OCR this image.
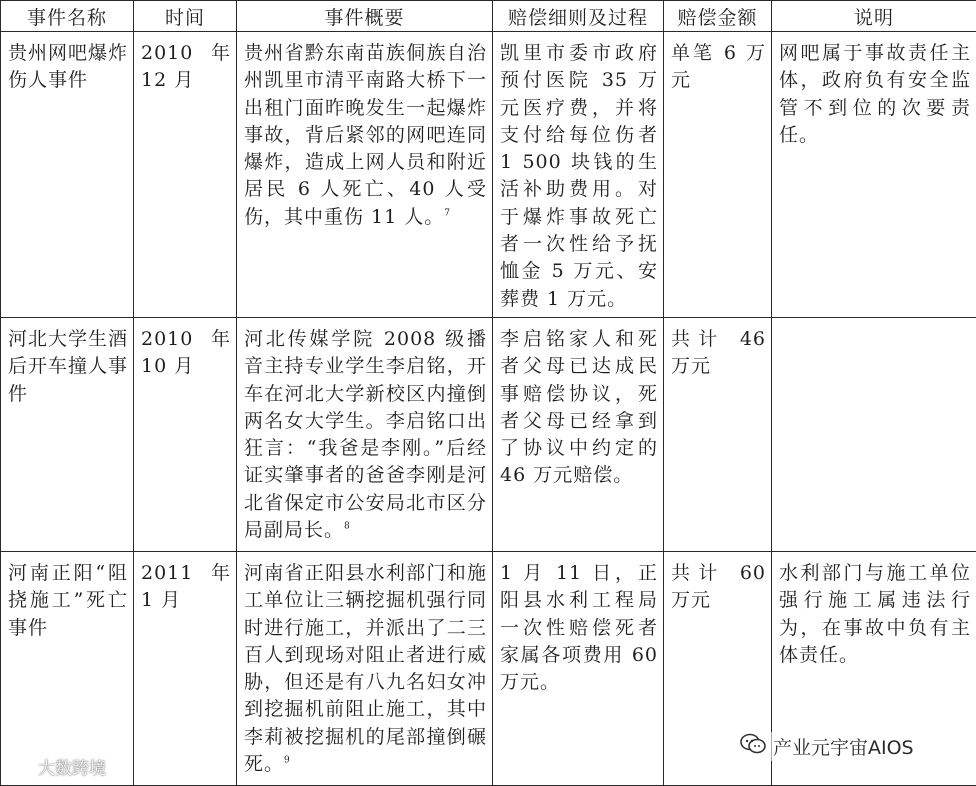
事件名称	时间	事件概要	赔偿细则及过程	赔偿金额	说明

贵州网吧爆炸伤人事件	2010 年 12 月	贵州省黔东南苗族侗族自治州凯里市清平南路大桥下一出租门面昨晚发生一起爆炸事故，背后紧邻的网吧连同爆炸，造成上网人员和附近居民 6 人死亡、40 人受伤，其中重伤 11 人。$^7$	凯里市委市政府预付医院 35 万元医疗费，并将支付给每位伤者 1 500 块钱的生活补助费用。对于爆炸事故死亡者一次性给予抚恤金 5 万元、安葬费 1 万元。	单笔 6 万元	网吧属于事故责任主体，政府负有安全监管不到位的次要责任。

河北大学生酒后开车撞人事件	2010 年 10 月	河北传媒学院 2008 级播音主持专业学生李启铭，开车在河北大学新校区内撞倒两名女大学生。李启铭口出狂言：“我爸是李刚。”后经证实肇事者的爸爸李刚是河北省保定市公安局北市区分局副局长。$^8$	李启铭家人和死者父母已达成民事赔偿协议，死者父母已经拿到了协议中约定的 46 万元赔偿。	共计 46 万元	

河南正阳“阻挠施工”死亡事件	2011 年 1 月	河南省正阳县水利部门和施工单位让三辆挖掘机强行同时进行施工，并派出了二三百人到现场对阻止者进行威胁，但还是有八九名妇女冲到挖掘机前阻止施工，其中李莉被挖掘机的尾部撞倒碾死。$^9$	1 月 11 日，正阳县水利工程局一次性赔偿死者家属各项费用 60 万元。	共计 60 万元	水利部门与施工单位强行施工属违法行为，在事故中负有主体责任。
大数跨境
产业元宇宙AIOS
